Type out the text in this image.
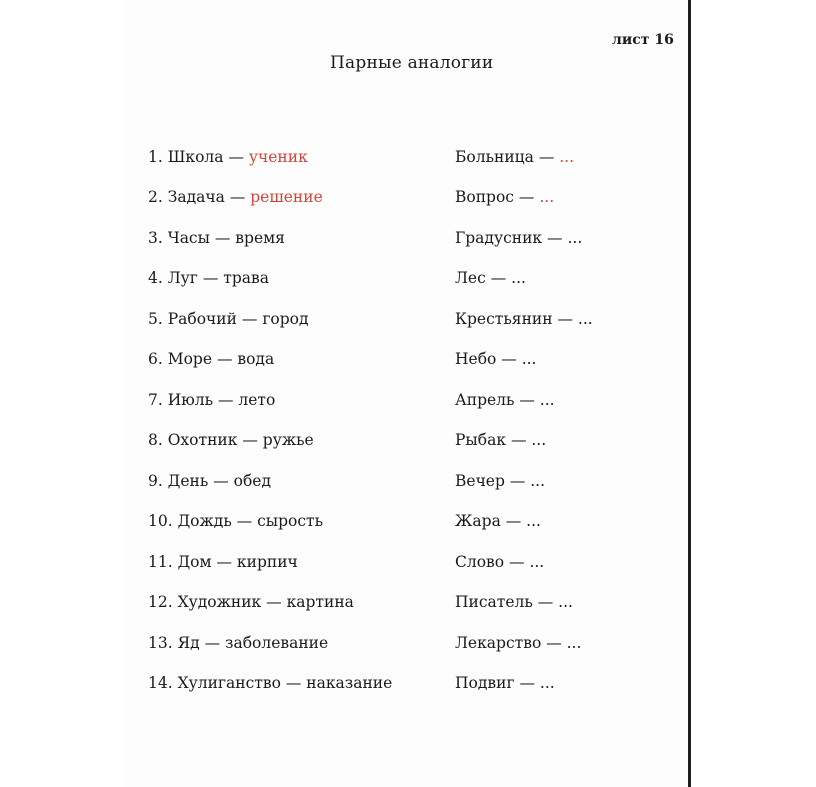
лист 16
Парные аналогии
1. Школа — ученик	Больница — ...
2. Задача — решение	Вопрос — ...
3. Часы — время	Градусник — ...
4. Луг — трава	Лес — ...
5. Рабочий — город	Крестьянин — ...
6. Море — вода	Небо — ...
7. Июль — лето	Апрель — ...
8. Охотник — ружье	Рыбак — ...
9. День — обед	Вечер — ...
10. Дождь — сырость	Жара — ...
11. Дом — кирпич	Слово — ...
12. Художник — картина	Писатель — ...
13. Яд — заболевание	Лекарство — ...
14. Хулиганство — наказание	Подвиг — ...
